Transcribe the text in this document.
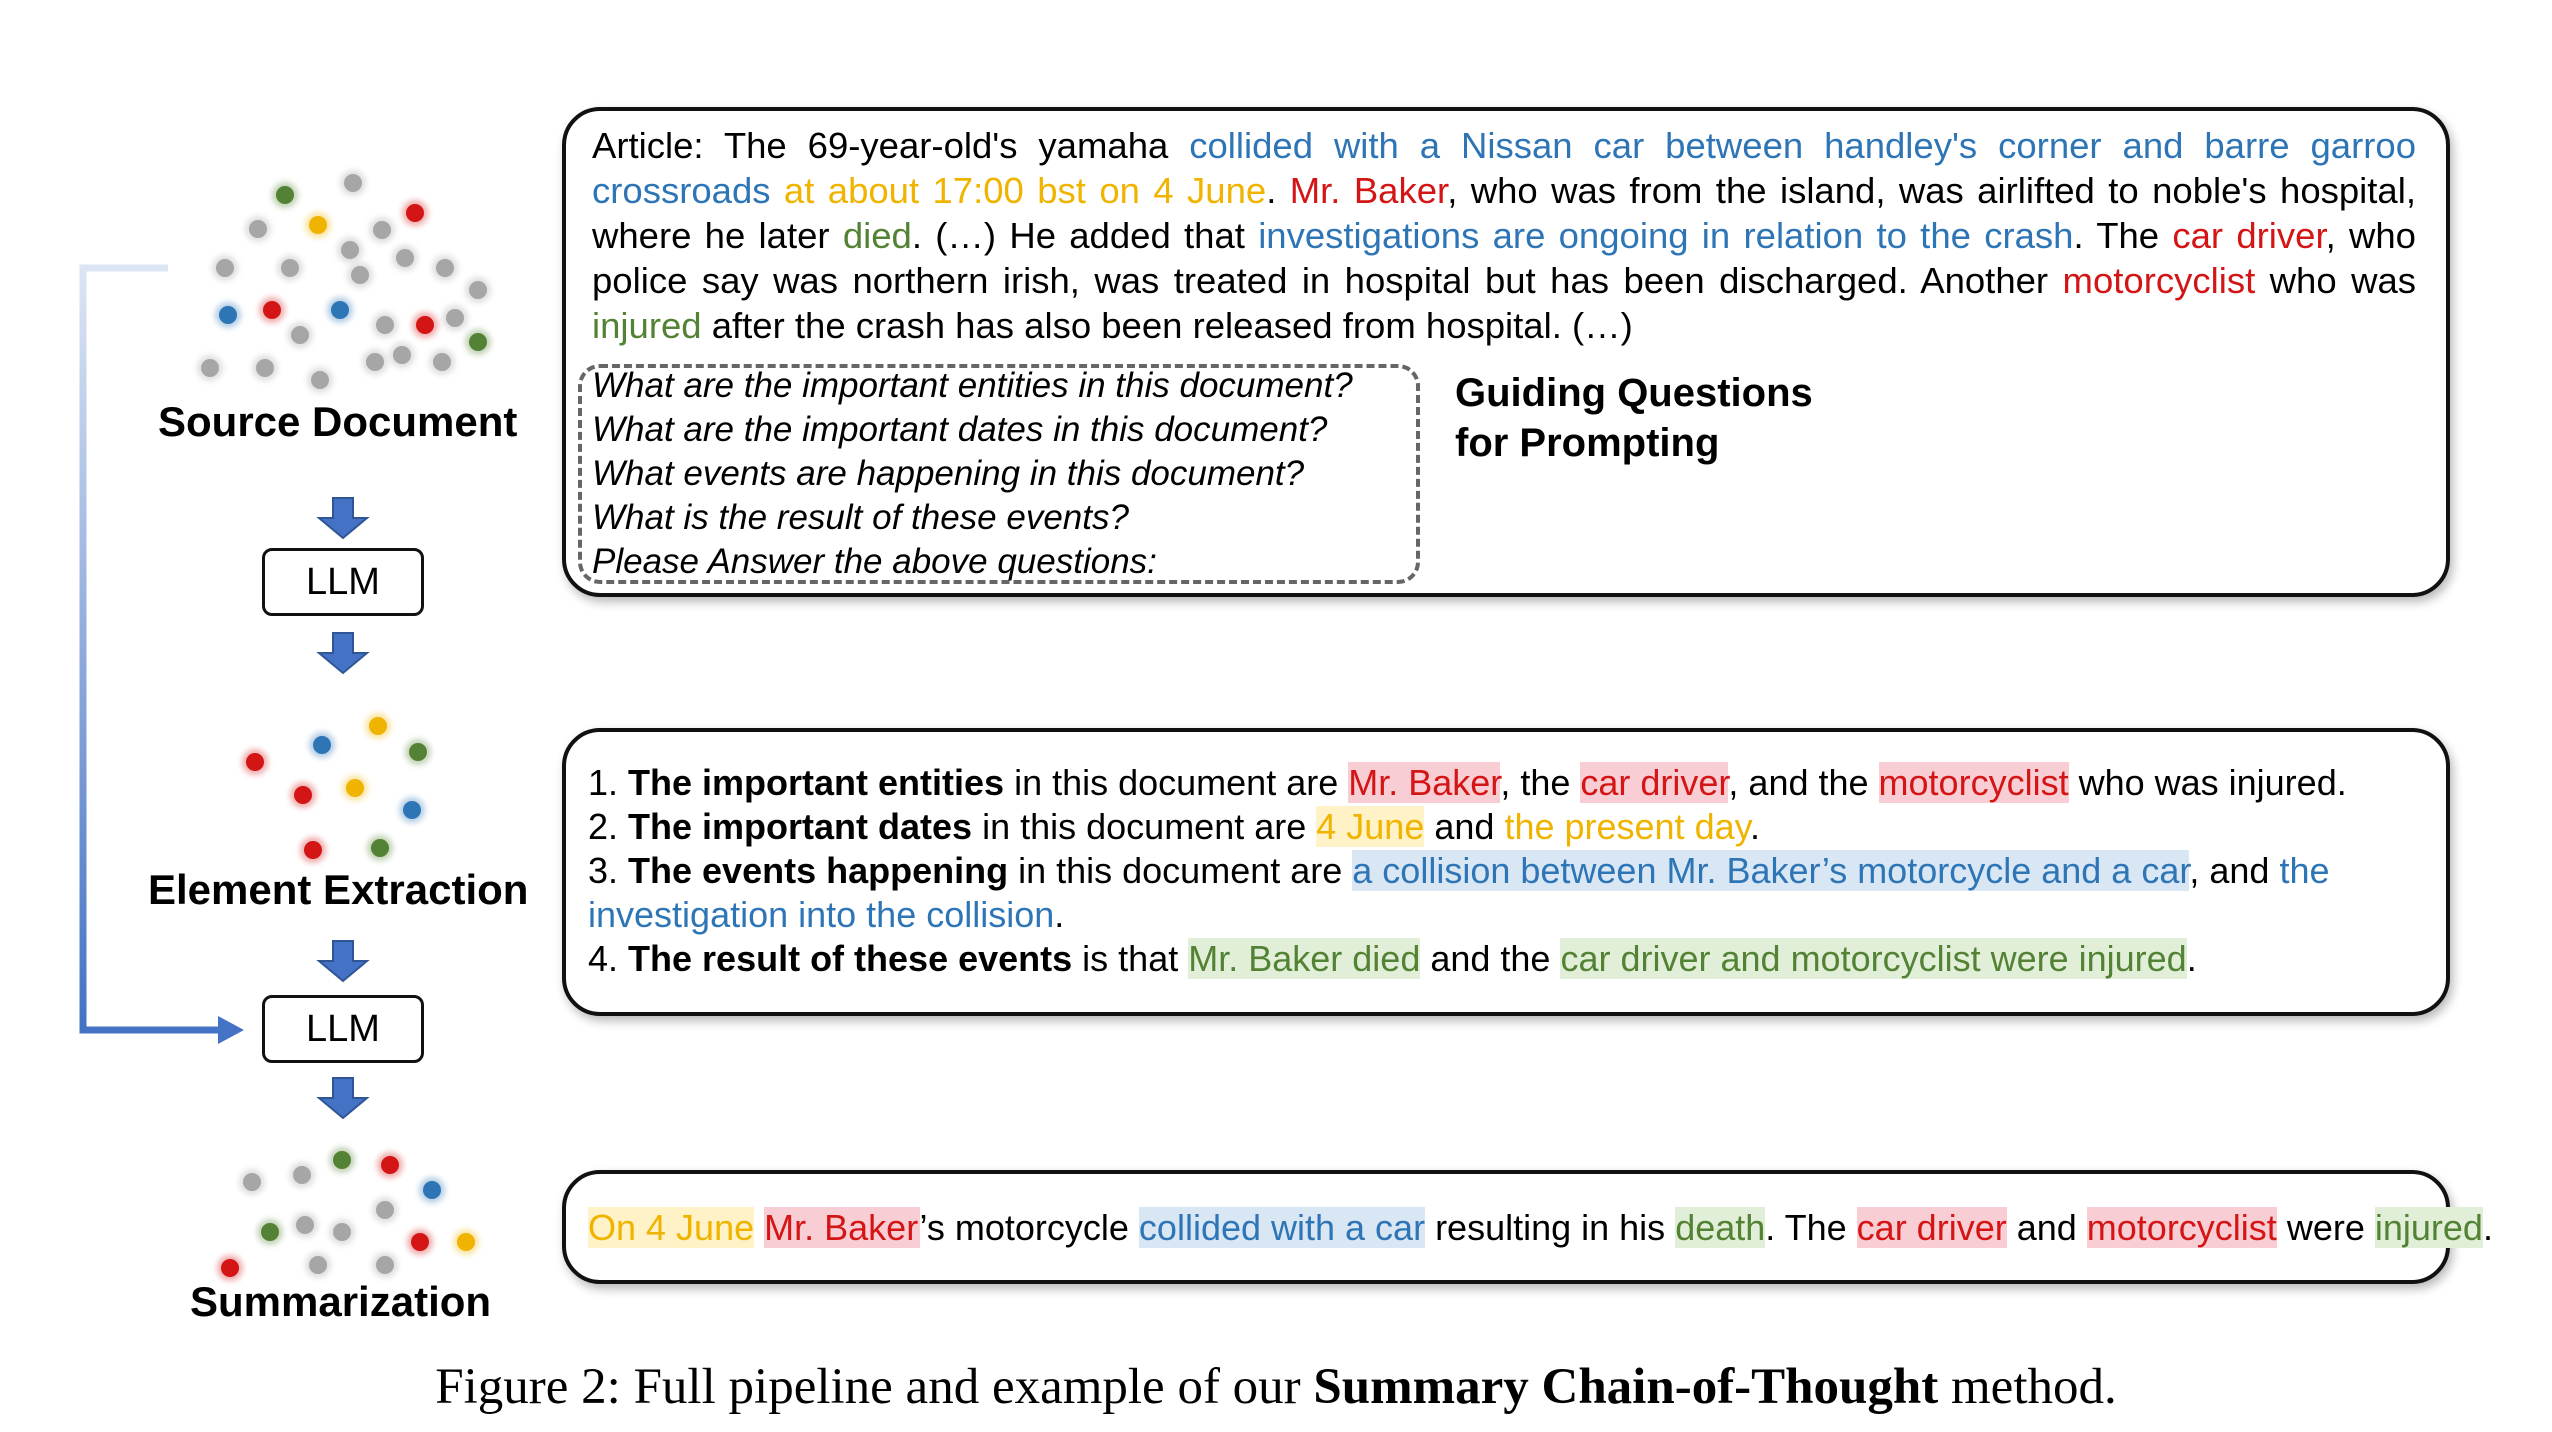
Source Document
LLM
Element Extraction
LLM
Summarization
Article: The 69-year-old's yamaha collided with a Nissan car between handley's corner and barre garroo crossroads at about 17:00 bst on 4 June. Mr. Baker, who was from the island, was airlifted to noble's hospital, where he later died. (…) He added that investigations are ongoing in relation to the crash. The car driver, who police say was northern irish, was treated in hospital but has been discharged. Another motorcyclist who was injured after the crash has also been released from hospital. (…)
What are the important entities in this document?
What are the important dates in this document?
What events are happening in this document?
What is the result of these events?
Please Answer the above questions:
Guiding Questions
for Prompting
1. The important entities in this document are Mr. Baker, the car driver, and the motorcyclist who was injured.
2. The important dates in this document are 4 June and the present day.
3. The events happening in this document are a collision between Mr. Baker’s motorcycle and a car, and the
investigation into the collision.
4. The result of these events is that Mr. Baker died and the car driver and motorcyclist were injured.
On 4 June Mr. Baker’s motorcycle collided with a car resulting in his death. The car driver and motorcyclist were injured.
Figure 2: Full pipeline and example of our Summary Chain-of-Thought method.
